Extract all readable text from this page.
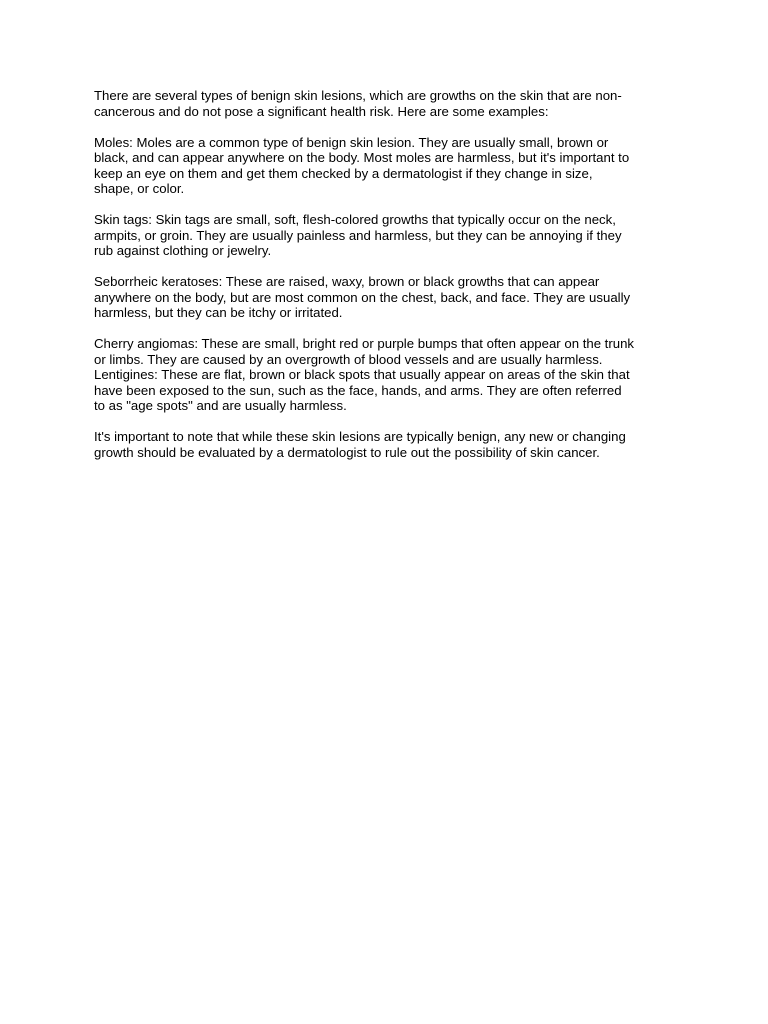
There are several types of benign skin lesions, which are growths on the skin that are non-
cancerous and do not pose a significant health risk. Here are some examples:

Moles: Moles are a common type of benign skin lesion. They are usually small, brown or
black, and can appear anywhere on the body. Most moles are harmless, but it's important to
keep an eye on them and get them checked by a dermatologist if they change in size,
shape, or color.

Skin tags: Skin tags are small, soft, flesh-colored growths that typically occur on the neck,
armpits, or groin. They are usually painless and harmless, but they can be annoying if they
rub against clothing or jewelry.

Seborrheic keratoses: These are raised, waxy, brown or black growths that can appear
anywhere on the body, but are most common on the chest, back, and face. They are usually
harmless, but they can be itchy or irritated.

Cherry angiomas: These are small, bright red or purple bumps that often appear on the trunk
or limbs. They are caused by an overgrowth of blood vessels and are usually harmless.

Lentigines: These are flat, brown or black spots that usually appear on areas of the skin that
have been exposed to the sun, such as the face, hands, and arms. They are often referred
to as "age spots" and are usually harmless.

It's important to note that while these skin lesions are typically benign, any new or changing
growth should be evaluated by a dermatologist to rule out the possibility of skin cancer.
